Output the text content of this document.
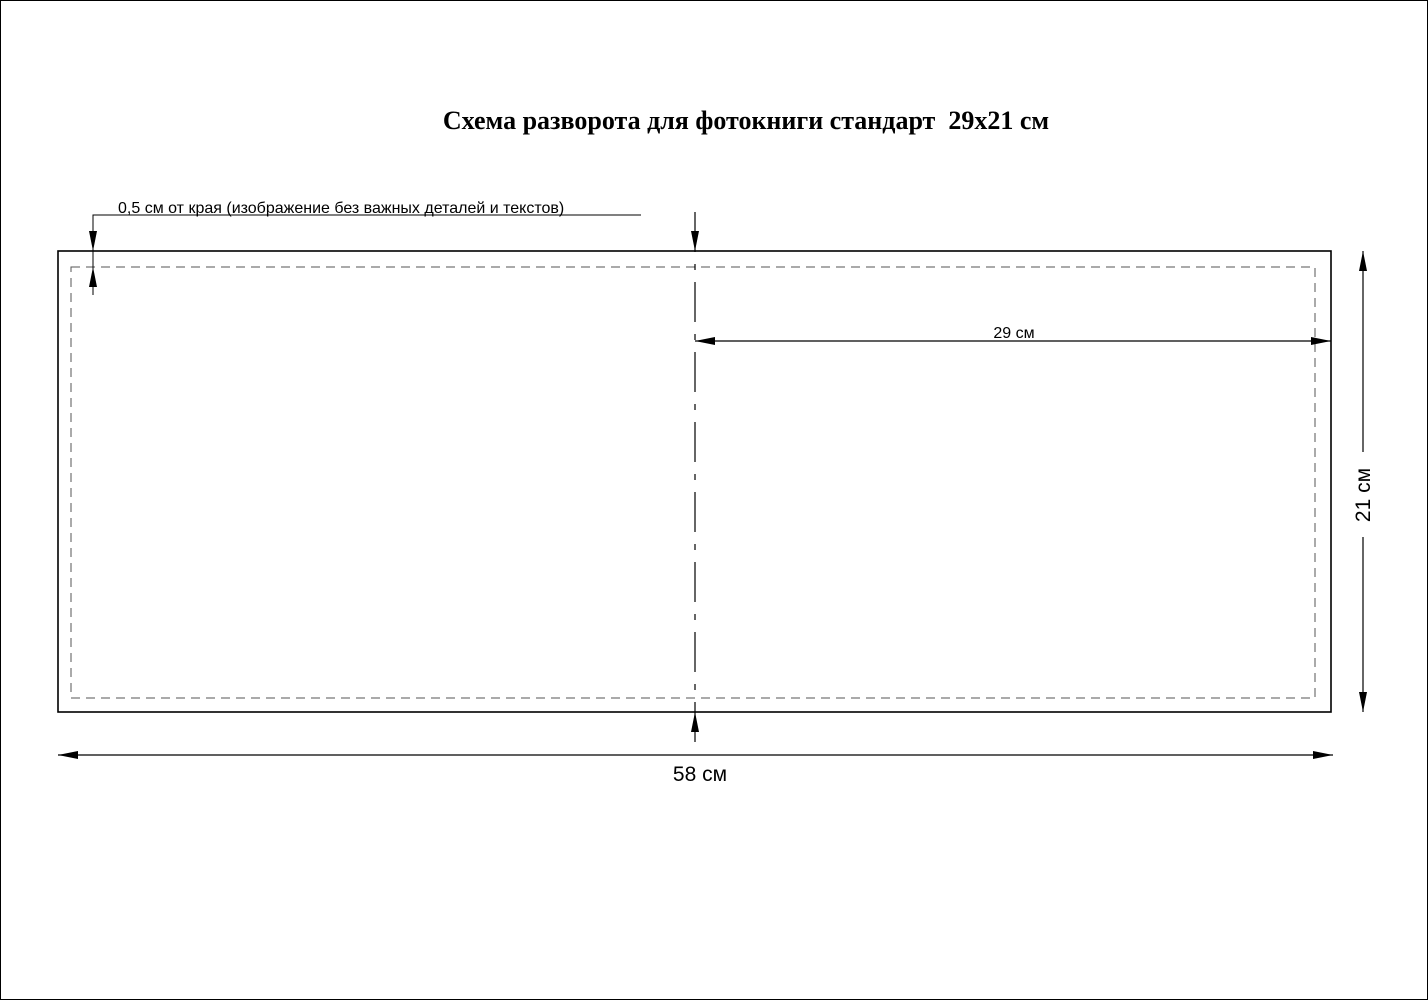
Схема разворота для фотокниги стандарт  29x21 см
0,5 см от края (изображение без важных деталей и текстов)
29 см
58 см
21 см
